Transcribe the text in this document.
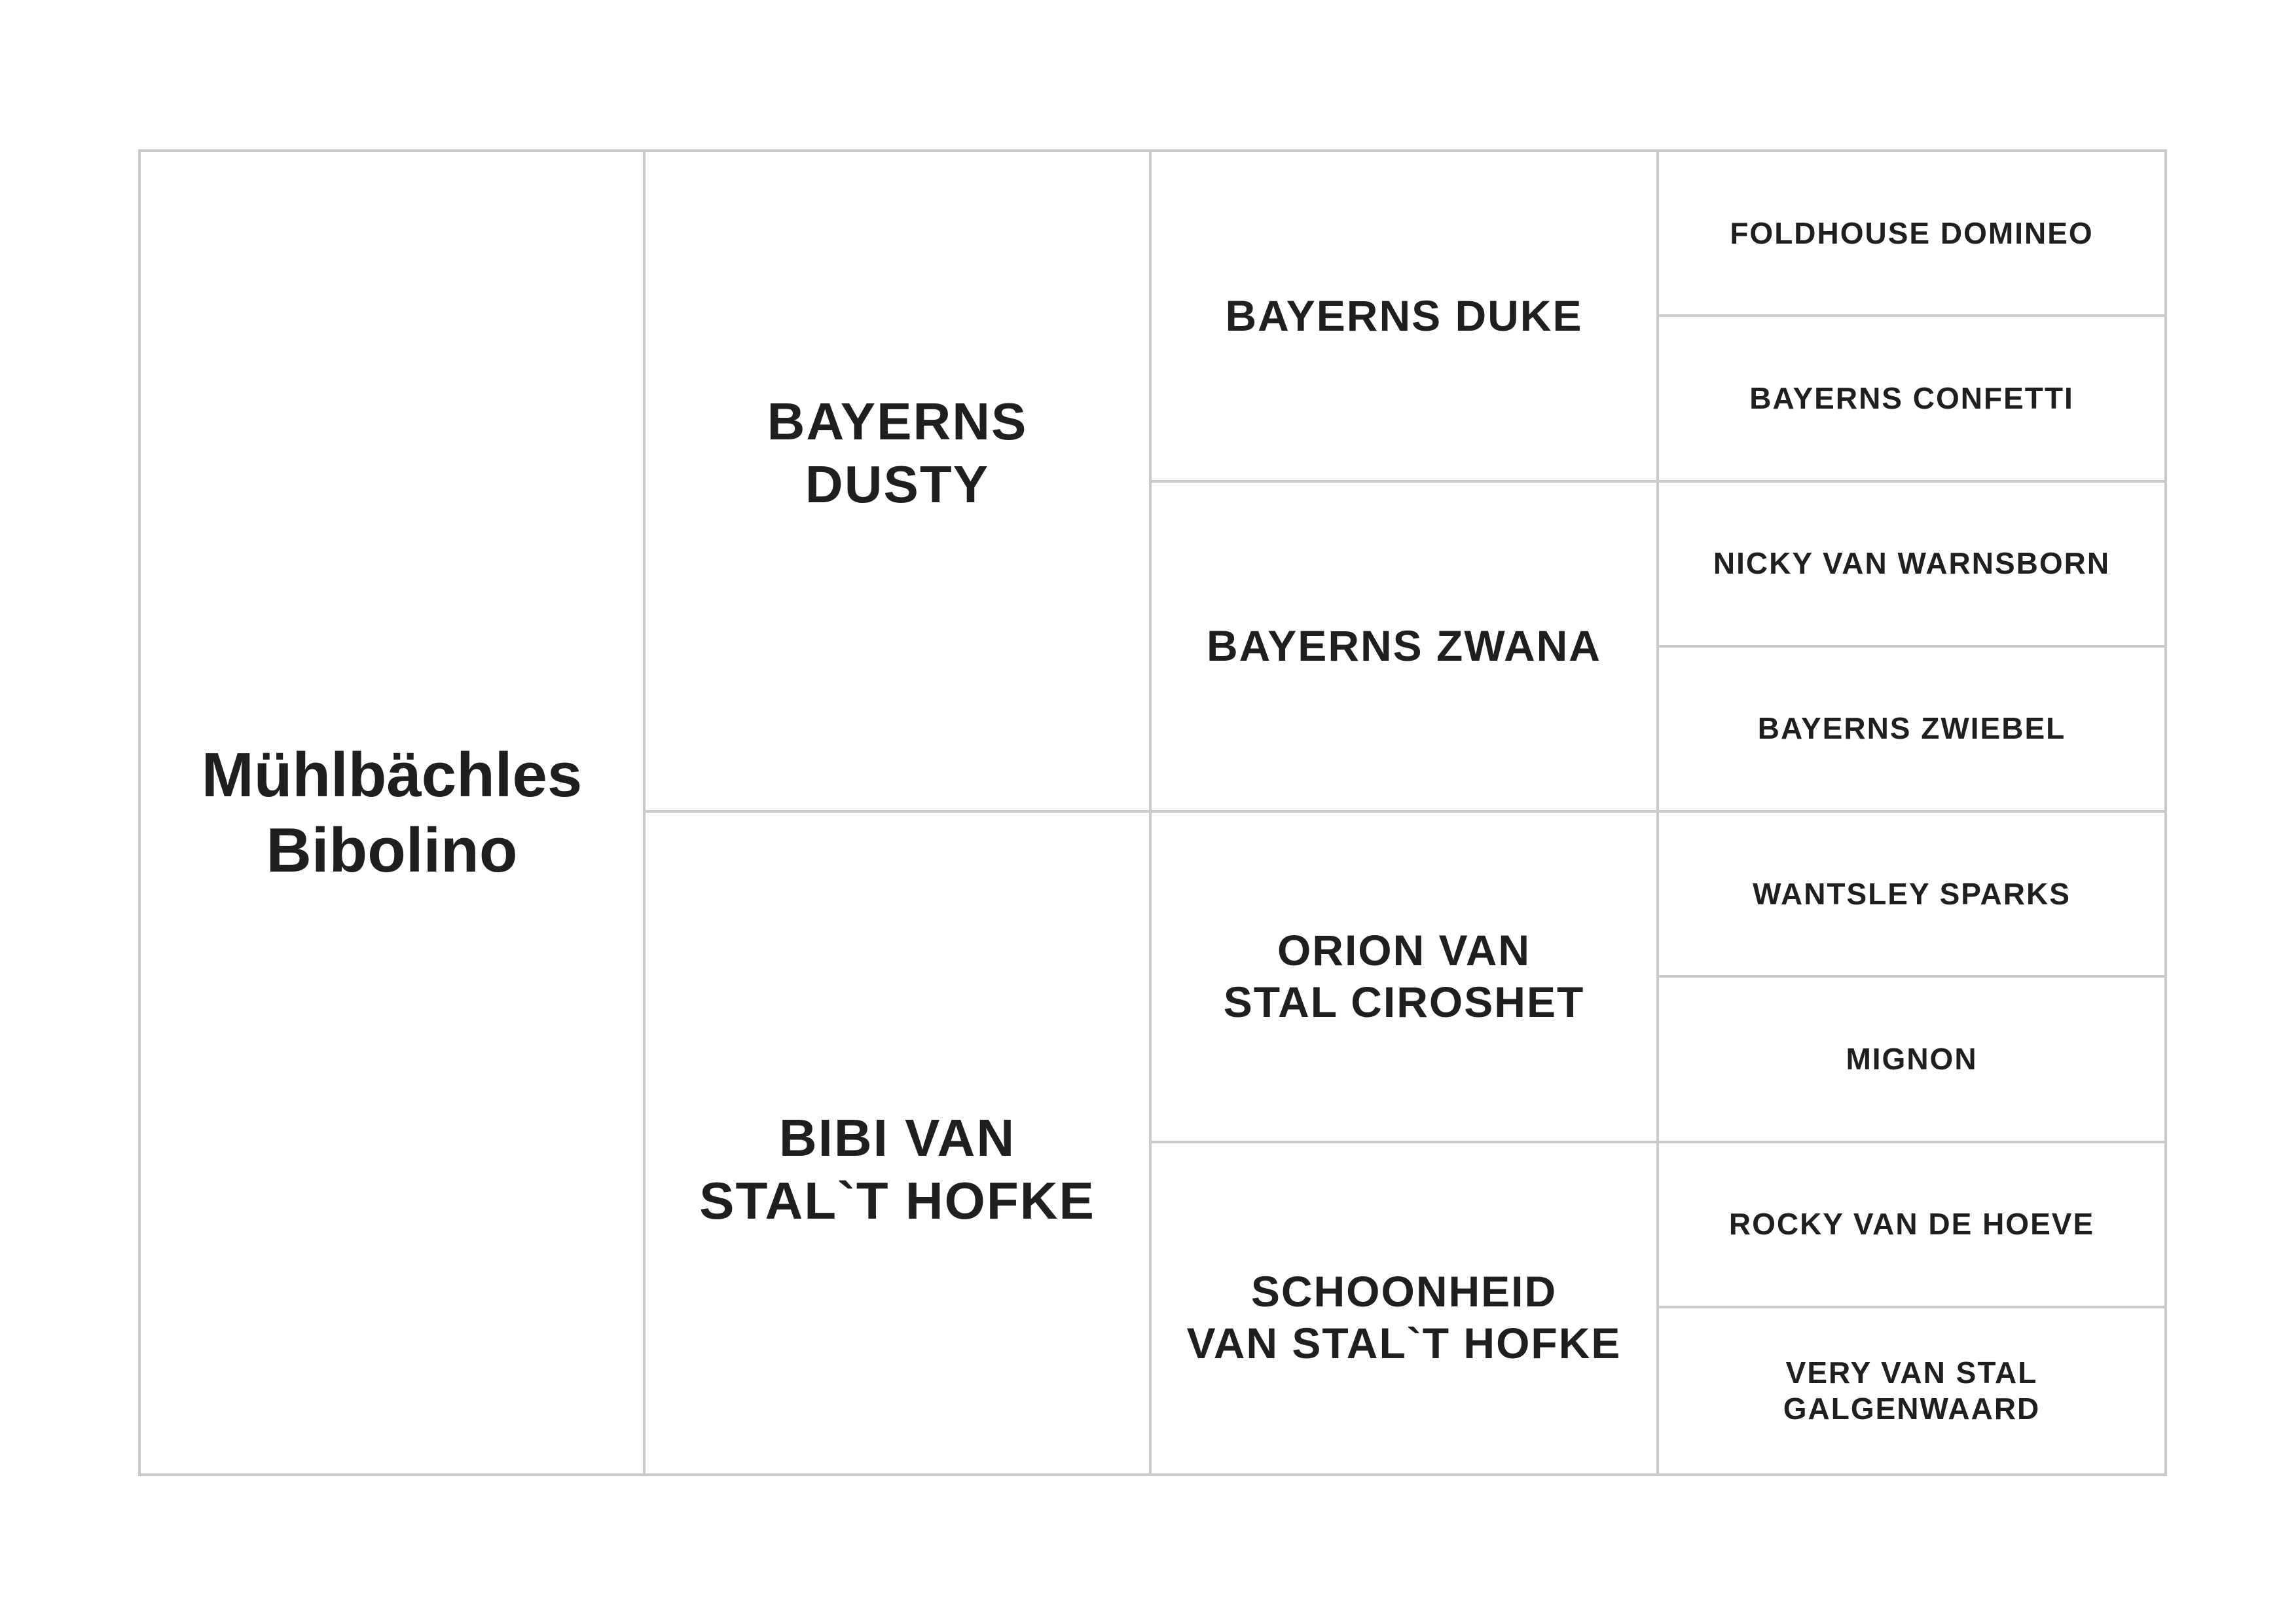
Mühlbächles
Bibolino
BAYERNS
DUSTY
BIBI VAN
STAL`T HOFKE
BAYERNS DUKE
BAYERNS ZWANA
ORION VAN
STAL CIROSHET
SCHOONHEID
VAN STAL`T HOFKE
FOLDHOUSE DOMINEO
BAYERNS CONFETTI
NICKY VAN WARNSBORN
BAYERNS ZWIEBEL
WANTSLEY SPARKS
MIGNON
ROCKY VAN DE HOEVE
VERY VAN STAL
GALGENWAARD
